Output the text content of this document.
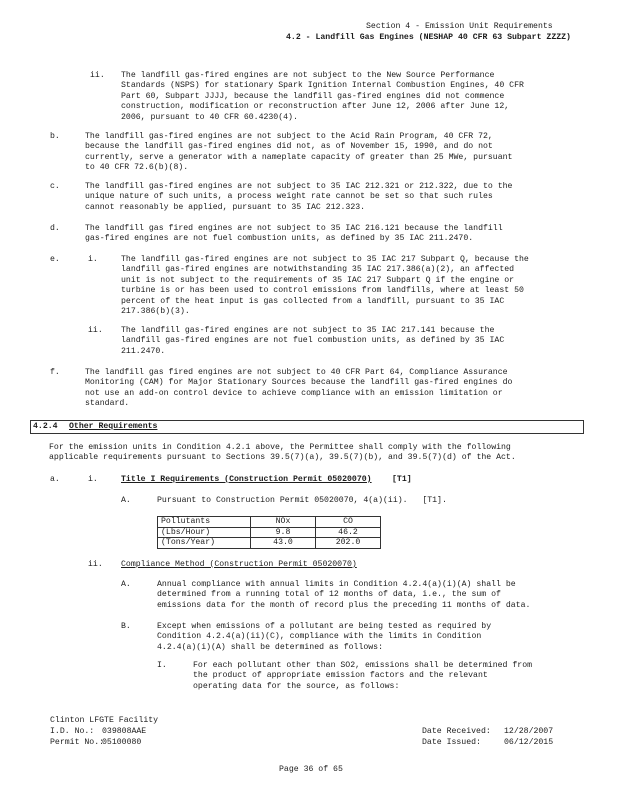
Section 4 - Emission Unit Requirements
4.2 - Landfill Gas Engines (NESHAP 40 CFR 63 Subpart ZZZZ)
ii. The landfill gas-fired engines are not subject to the New Source Performance
Standards (NSPS) for stationary Spark Ignition Internal Combustion Engines, 40 CFR
Part 60, Subpart JJJJ, because the landfill gas-fired engines did not commence
construction, modification or reconstruction after June 12, 2006 after June 12,
2006, pursuant to 40 CFR 60.4230(4).
b.	The landfill gas-fired engines are not subject to the Acid Rain Program, 40 CFR 72,
because the landfill gas-fired engines did not, as of November 15, 1990, and do not
currently, serve a generator with a nameplate capacity of greater than 25 MWe, pursuant
to 40 CFR 72.6(b)(8).
c.	The landfill gas-fired engines are not subject to 35 IAC 212.321 or 212.322, due to the
unique nature of such units, a process weight rate cannot be set so that such rules
cannot reasonably be applied, pursuant to 35 IAC 212.323.
d.	The landfill gas fired engines are not subject to 35 IAC 216.121 because the landfill
gas-fired engines are not fuel combustion units, as defined by 35 IAC 211.2470.
e.	i.	The landfill gas-fired engines are not subject to 35 IAC 217 Subpart Q, because the
landfill gas-fired engines are notwithstanding 35 IAC 217.386(a)(2), an affected
unit is not subject to the requirements of 35 IAC 217 Subpart Q if the engine or
turbine is or has been used to control emissions from landfills, where at least 50
percent of the heat input is gas collected from a landfill, pursuant to 35 IAC
217.386(b)(3).
ii. The landfill gas-fired engines are not subject to 35 IAC 217.141 because the
landfill gas-fired engines are not fuel combustion units, as defined by 35 IAC
211.2470.
f.	The landfill gas fired engines are not subject to 40 CFR Part 64, Compliance Assurance
Monitoring (CAM) for Major Stationary Sources because the landfill gas-fired engines do
not use an add-on control device to achieve compliance with an emission limitation or
standard.
4.2.4 Other Requirements
For the emission units in Condition 4.2.1 above, the Permittee shall comply with the following
applicable requirements pursuant to Sections 39.5(7)(a), 39.5(7)(b), and 39.5(7)(d) of the Act.
a.	i.	Title I Requirements (Construction Permit 05020070) [T1]
A.	Pursuant to Construction Permit 05020070, 4(a)(ii).   [T1].
Pollutants	NOx	CO
(Lbs/Hour)	9.8	46.2
(Tons/Year)	43.0	202.0
ii. Compliance Method (Construction Permit 05020070)
A.	Annual compliance with annual limits in Condition 4.2.4(a)(i)(A) shall be
determined from a running total of 12 months of data, i.e., the sum of
emissions data for the month of record plus the preceding 11 months of data.
B.	Except when emissions of a pollutant are being tested as required by
Condition 4.2.4(a)(ii)(C), compliance with the limits in Condition
4.2.4(a)(i)(A) shall be determined as follows:
I.	For each pollutant other than SO2, emissions shall be determined from
the product of appropriate emission factors and the relevant
operating data for the source, as follows:
Clinton LFGTE Facility
I.D. No.: 039808AAE
Permit No.:
05100080
Date Received: 12/28/2007
Date Issued:	06/12/2015
Page 36 of 65
